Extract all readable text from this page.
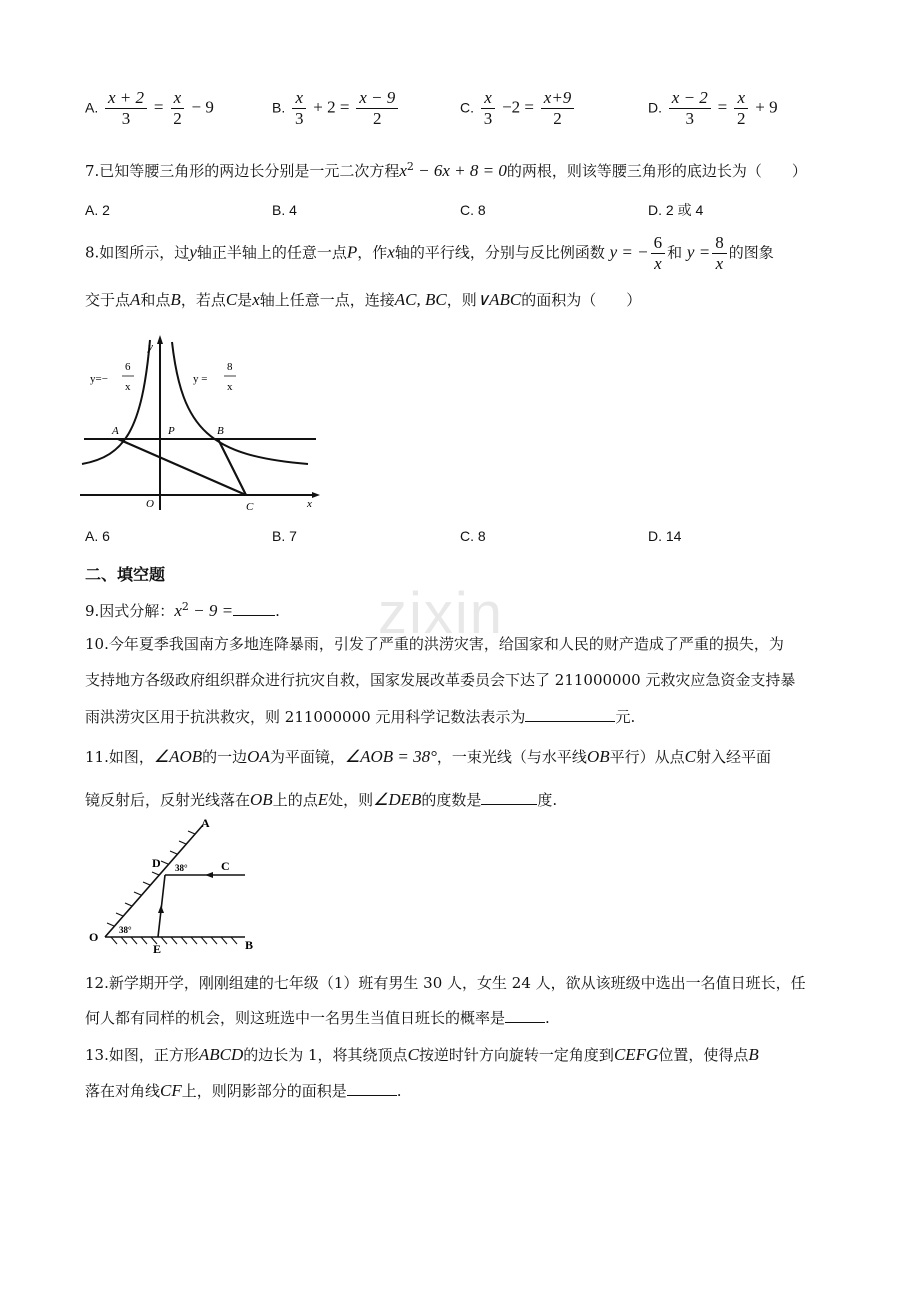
zixin
A. $\frac{x + 2}{3} = \frac{x}{2} - 9$	B. $\frac{x}{3} + 2 = \frac{x - 9}{2}$	C. $\frac{x}{3} -2 = \frac{x+9}{2}$	D. $\frac{x - 2}{3} = \frac{x}{2} + 9$
7.已知等腰三角形的两边长分别是一元二次方程$x^2 - 6x + 8 = 0$的两根，则该等腰三角形的底边长为（　　）
A. 2	B. 4	C. 8	D. 2 或 4
8.如图所示，过y轴正半轴上的任意一点P，作x轴的平行线，分别与反比例函数 y = − $\frac{6}{x}$ 和 $y = \frac{8}{x}$ 的图象
交于点A和点B，若点C是x轴上任意一点，连接AC, BC，则∨ABC的面积为（　　）
y
x
O
A	P	B
C
y=−
6
x
y =
8
x
A. 6	B. 7	C. 8	D. 14
二、填空题
9.因式分解：$x^2 - 9$ =	.
10.今年夏季我国南方多地连降暴雨，引发了严重的洪涝灾害，给国家和人民的财产造成了严重的损失，为
支持地方各级政府组织群众进行抗灾自救，国家发展改革委员会下达了 211000000 元救灾应急资金支持暴
雨洪涝灾区用于抗洪救灾，则 211000000 元用科学记数法表示为	元.
11.如图，∠AOB的一边OA为平面镜，∠AOB = 38°，一束光线（与水平线OB平行）从点C射入经平面
镜反射后，反射光线落在OB上的点E处，则∠DEB的度数是	度.
A
B
C
D
E
O 38°
38°
12.新学期开学，刚刚组建的七年级（1）班有男生 30 人，女生 24 人，欲从该班级中选出一名值日班长，任
何人都有同样的机会，则这班选中一名男生当值日班长的概率是	.
13.如图，正方形ABCD的边长为 1，将其绕顶点C按逆时针方向旋转一定角度到CEFG位置，使得点B
落在对角线CF上，则阴影部分的面积是	.
